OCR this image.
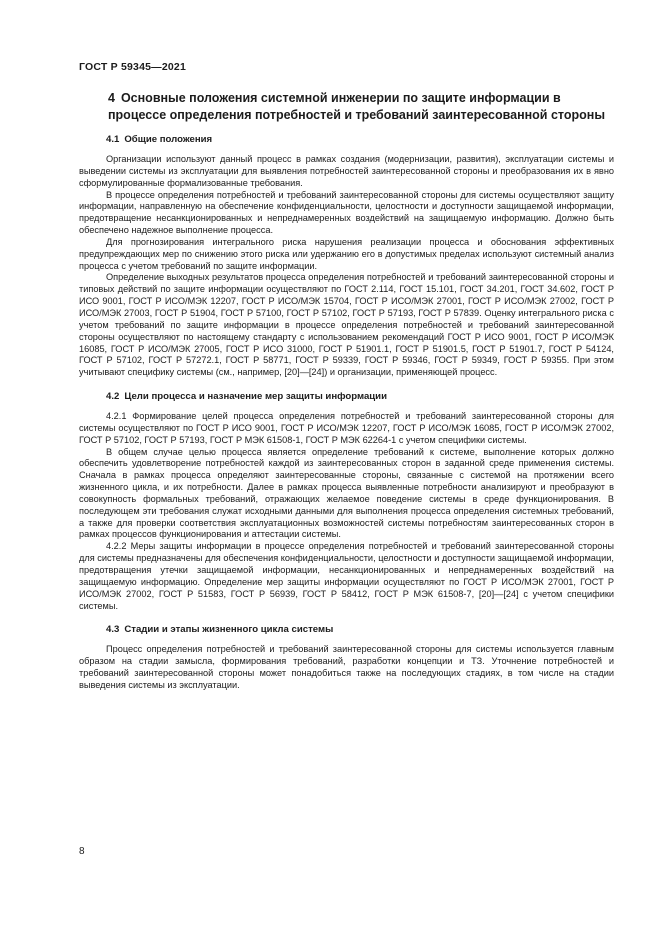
ГОСТ Р 59345—2021
4 Основные положения системной инженерии по защите информации в процессе определения потребностей и требований заинтересованной стороны
4.1 Общие положения

Организации используют данный процесс в рамках создания (модернизации, развития), эксплуатации системы и выведении системы из эксплуатации для выявления потребностей заинтересованной стороны и преобразования их в явно сформулированные формализованные требования.

В процессе определения потребностей и требований заинтересованной стороны для системы осуществляют защиту информации, направленную на обеспечение конфиденциальности, целостности и доступности защищаемой информации, предотвращение несанкционированных и непреднамеренных воздействий на защищаемую информацию. Должно быть обеспечено надежное выполнение процесса.

Для прогнозирования интегрального риска нарушения реализации процесса и обоснования эффективных предупреждающих мер по снижению этого риска или удержанию его в допустимых пределах используют системный анализ процесса с учетом требований по защите информации.

Определение выходных результатов процесса определения потребностей и требований заинтересованной стороны и типовых действий по защите информации осуществляют по ГОСТ 2.114, ГОСТ 15.101, ГОСТ 34.201, ГОСТ 34.602, ГОСТ Р ИСО 9001, ГОСТ Р ИСО/МЭК 12207, ГОСТ Р ИСО/МЭК 15704, ГОСТ Р ИСО/МЭК 27001, ГОСТ Р ИСО/МЭК 27002, ГОСТ Р ИСО/МЭК 27003, ГОСТ Р 51904, ГОСТ Р 57100, ГОСТ Р 57102, ГОСТ Р 57193, ГОСТ Р 57839. Оценку интегрального риска с учетом требований по защите информации в процессе определения потребностей и требований заинтересованной стороны осуществляют по настоящему стандарту с использованием рекомендаций ГОСТ Р ИСО 9001, ГОСТ Р ИСО/МЭК 16085, ГОСТ Р ИСО/МЭК 27005, ГОСТ Р ИСО 31000, ГОСТ Р 51901.1, ГОСТ Р 51901.5, ГОСТ Р 51901.7, ГОСТ Р 54124, ГОСТ Р 57102, ГОСТ Р 57272.1, ГОСТ Р 58771, ГОСТ Р 59339, ГОСТ Р 59346, ГОСТ Р 59349, ГОСТ Р 59355. При этом учитывают специфику системы (см., например, [20]—[24]) и организации, применяющей процесс.

4.2 Цели процесса и назначение мер защиты информации

4.2.1 Формирование целей процесса определения потребностей и требований заинтересованной стороны для системы осуществляют по ГОСТ Р ИСО 9001, ГОСТ Р ИСО/МЭК 12207, ГОСТ Р ИСО/МЭК 16085, ГОСТ Р ИСО/МЭК 27002, ГОСТ Р 57102, ГОСТ Р 57193, ГОСТ Р МЭК 61508-1, ГОСТ Р МЭК 62264-1 с учетом специфики системы.

В общем случае целью процесса является определение требований к системе, выполнение которых должно обеспечить удовлетворение потребностей каждой из заинтересованных сторон в заданной среде применения системы. Сначала в рамках процесса определяют заинтересованные стороны, связанные с системой на протяжении всего жизненного цикла, и их потребности. Далее в рамках процесса выявленные потребности анализируют и преобразуют в совокупность формальных требований, отражающих желаемое поведение системы в среде функционирования. В последующем эти требования служат исходными данными для выполнения процесса определения системных требований, а также для проверки соответствия эксплуатационных возможностей системы потребностям заинтересованных сторон в рамках процессов функционирования и аттестации системы.

4.2.2 Меры защиты информации в процессе определения потребностей и требований заинтересованной стороны для системы предназначены для обеспечения конфиденциальности, целостности и доступности защищаемой информации, предотвращения утечки защищаемой информации, несанкционированных и непреднамеренных воздействий на защищаемую информацию. Определение мер защиты информации осуществляют по ГОСТ Р ИСО/МЭК 27001, ГОСТ Р ИСО/МЭК 27002, ГОСТ Р 51583, ГОСТ Р 56939, ГОСТ Р 58412, ГОСТ Р МЭК 61508-7, [20]—[24] с учетом специфики системы.

4.3 Стадии и этапы жизненного цикла системы

Процесс определения потребностей и требований заинтересованной стороны для системы используется главным образом на стадии замысла, формирования требований, разработки концепции и ТЗ. Уточнение потребностей и требований заинтересованной стороны может понадобиться также на последующих стадиях, в том числе на стадии выведения системы из эксплуатации.

8
